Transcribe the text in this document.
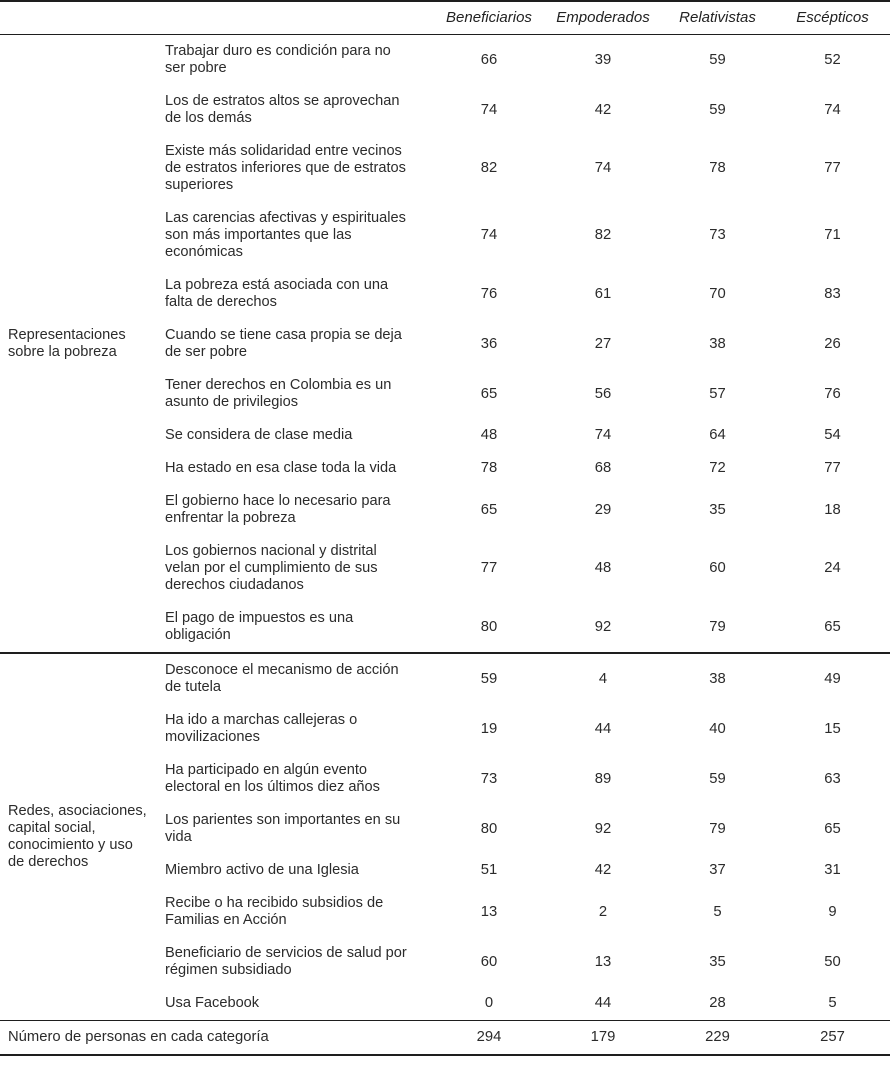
		Beneficiarios	Empoderados	Relativistas	Escépticos
Representaciones sobre la pobreza	Trabajar duro es condición para no ser pobre	66	39	59	52
	Los de estratos altos se aprovechan de los demás	74	42	59	74
	Existe más solidaridad entre vecinos de estratos inferiores que de estratos superiores	82	74	78	77
	Las carencias afectivas y espirituales son más importantes que las económicas	74	82	73	71
	La pobreza está asociada con una falta de derechos	76	61	70	83
	Cuando se tiene casa propia se deja de ser pobre	36	27	38	26
	Tener derechos en Colombia es un asunto de privilegios	65	56	57	76
	Se considera de clase media	48	74	64	54
	Ha estado en esa clase toda la vida	78	68	72	77
	El gobierno hace lo necesario para enfrentar la pobreza	65	29	35	18
	Los gobiernos nacional y distrital velan por el cumplimiento de sus derechos ciudadanos	77	48	60	24
	El pago de impuestos es una obligación	80	92	79	65
Redes, asociaciones, capital social, conocimiento y uso de derechos	Desconoce el mecanismo de acción de tutela	59	4	38	49
	Ha ido a marchas callejeras o movilizaciones	19	44	40	15
	Ha participado en algún evento electoral en los últimos diez años	73	89	59	63
	Los parientes son importantes en su vida	80	92	79	65
	Miembro activo de una Iglesia	51	42	37	31
	Recibe o ha recibido subsidios de Familias en Acción	13	2	5	9
	Beneficiario de servicios de salud por régimen subsidiado	60	13	35	50
	Usa Facebook	0	44	28	5
Número de personas en cada categoría		294	179	229	257
